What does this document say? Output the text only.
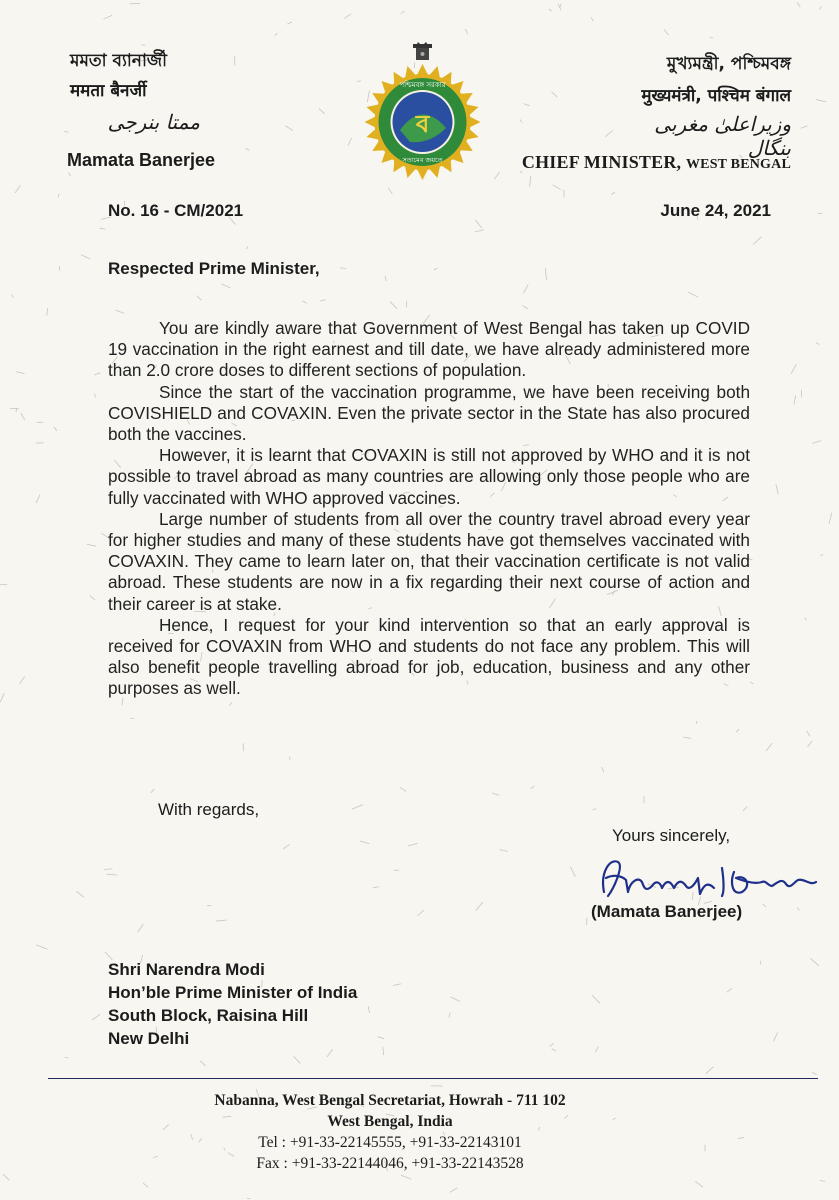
মমতা ব্যানার্জী
ममता बैनर्जी
ممتا بنرجی
Mamata Banerjee
ব
পশ্চিমবঙ্গ সরকার
সত্যমেব জয়তে
মুখ্যমন্ত্রী, পশ্চিমবঙ্গ
मुख्यमंत्री, पश्चिम बंगाल
وزیراعلیٰ مغربی بنگال
CHIEF MINISTER, WEST BENGAL
No. 16 - CM/2021	June 24, 2021
Respected Prime Minister,

You are kindly aware that Government of West Bengal has taken up COVID 19 vaccination in the right earnest and till date, we have already administered more than 2.0 crore doses to different sections of population.

Since the start of the vaccination programme, we have been receiving both COVISHIELD and COVAXIN. Even the private sector in the State has also procured both the vaccines.

However, it is learnt that COVAXIN is still not approved by WHO and it is not possible to travel abroad as many countries are allowing only those people who are fully vaccinated with WHO approved vaccines.

Large number of students from all over the country travel abroad every year for higher studies and many of these students have got themselves vaccinated with COVAXIN. They came to learn later on, that their vaccination certificate is not valid abroad. These students are now in a fix regarding their next course of action and their career is at stake.

Hence, I request for your kind intervention so that an early approval is received for COVAXIN from WHO and students do not face any problem. This will also benefit people travelling abroad for job, education, business and any other purposes as well.

With regards,
Yours sincerely,
(Mamata Banerjee)
Shri Narendra Modi
Hon’ble Prime Minister of India
South Block, Raisina Hill
New Delhi
Nabanna, West Bengal Secretariat, Howrah - 711 102
West Bengal, India
Tel : +91-33-22145555, +91-33-22143101
Fax : +91-33-22144046, +91-33-22143528
